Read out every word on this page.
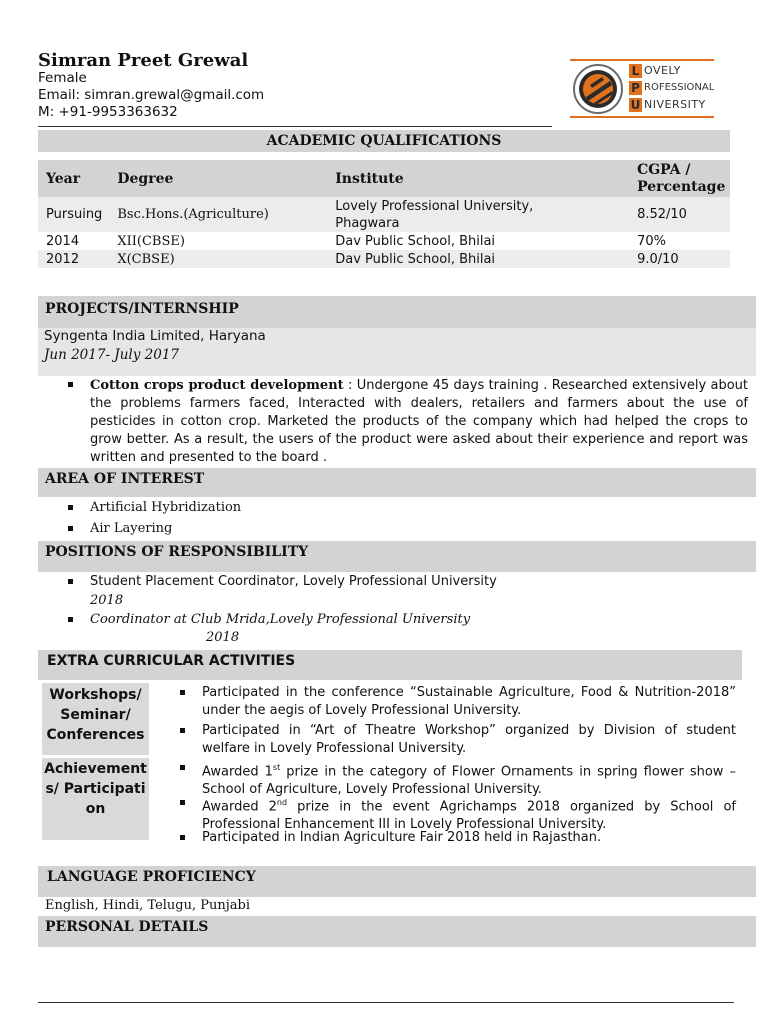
Simran Preet Grewal
Female
Email: simran.grewal@gmail.com
M: +91-9953363632
L OVELY
P ROFESSIONAL
U NIVERSITY
ACADEMIC QUALIFICATIONS
Year	Degree	Institute	CGPA / Percentage
Pursuing	Bsc.Hons.(Agriculture)	Lovely Professional University, Phagwara	8.52/10
2014	XII(CBSE)	Dav Public School, Bhilai	70%
2012	X(CBSE)	Dav Public School, Bhilai	9.0/10
PROJECTS/INTERNSHIP
Syngenta India Limited, Haryana
Jun 2017- July 2017
Cotton crops product development : Undergone 45 days training . Researched extensively about the problems farmers faced, Interacted with dealers, retailers and farmers about the use of pesticides in cotton crop. Marketed the products of the company which had helped the crops to grow better. As a result, the users of the product were asked about their experience and report was written and presented to the board .
AREA OF INTEREST
Artificial Hybridization
Air Layering
POSITIONS OF RESPONSIBILITY
Student Placement Coordinator, Lovely Professional University
2018
Coordinator at Club Mrida,Lovely Professional University
2018
EXTRA CURRICULAR ACTIVITIES
Workshops/ Seminar/ Conferences
Participated in the conference “Sustainable Agriculture, Food & Nutrition-2018” under the aegis of Lovely Professional University.
Participated in “Art of Theatre Workshop” organized by Division of student welfare in Lovely Professional University.
Achievements/ Participation
Awarded 1st prize in the category of Flower Ornaments in spring flower show – School of Agriculture, Lovely Professional University.
Awarded 2nd prize in the event Agrichamps 2018 organized by School of Professional Enhancement III in Lovely Professional University.
Participated in Indian Agriculture Fair 2018 held in Rajasthan.
LANGUAGE PROFICIENCY
English, Hindi, Telugu, Punjabi
PERSONAL DETAILS
